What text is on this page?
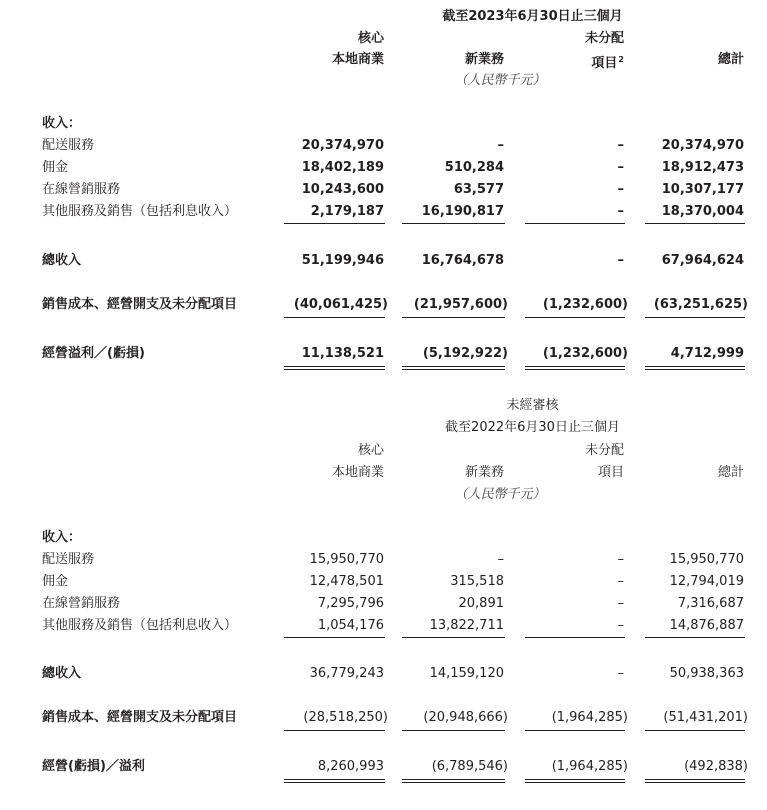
截至2023年6月30日止三個月
核心
本地商業	新業務
未分配
項目$^2$	總計
（人民幣千元）
收入：
配送服務	20,374,970	–	–	20,374,970
佣金	18,402,189	510,284	–	18,912,473
在線營銷服務	10,243,600	63,577	–	10,307,177
其他服務及銷售（包括利息收入）	2,179,187	16,190,817	–	18,370,004
總收入	51,199,946	16,764,678	–	67,964,624
銷售成本、經營開支及未分配項目	(40,061,425)	(21,957,600)	(1,232,600)	(63,251,625)
經營溢利／(虧損)	11,138,521	(5,192,922)	(1,232,600)	4,712,999
未經審核
截至2022年6月30日止三個月
核心
本地商業	新業務
未分配
項目	總計
（人民幣千元）
收入：
配送服務	15,950,770	–	–	15,950,770
佣金	12,478,501	315,518	–	12,794,019
在線營銷服務	7,295,796	20,891	–	7,316,687
其他服務及銷售（包括利息收入）	1,054,176	13,822,711	–	14,876,887
總收入	36,779,243	14,159,120	–	50,938,363
銷售成本、經營開支及未分配項目	(28,518,250)	(20,948,666)	(1,964,285)	(51,431,201)
經營(虧損)／溢利	8,260,993	(6,789,546)	(1,964,285)	(492,838)
